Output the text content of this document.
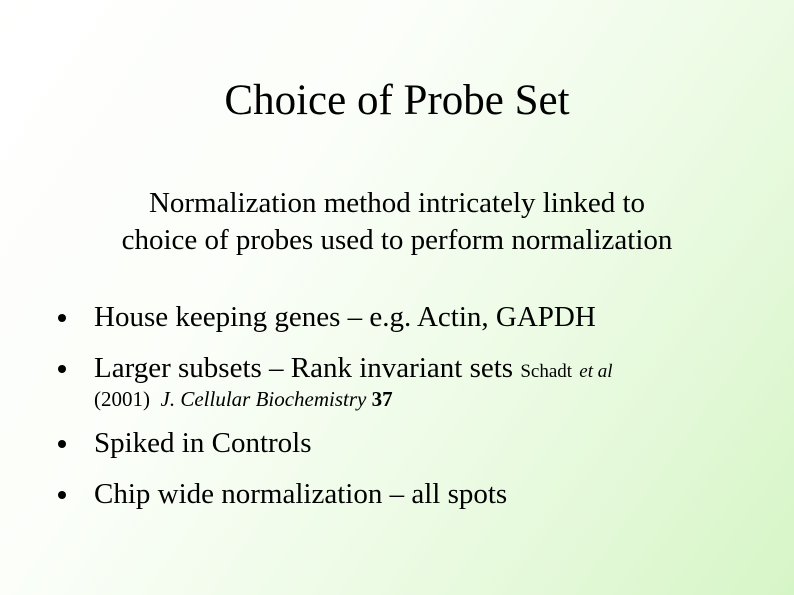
Choice of Probe Set
Normalization method intricately linked to
choice of probes used to perform normalization
House keeping genes – e.g. Actin, GAPDH
Larger subsets – Rank invariant sets Schadt et al
(2001) J. Cellular Biochemistry 37
Spiked in Controls
Chip wide normalization – all spots
